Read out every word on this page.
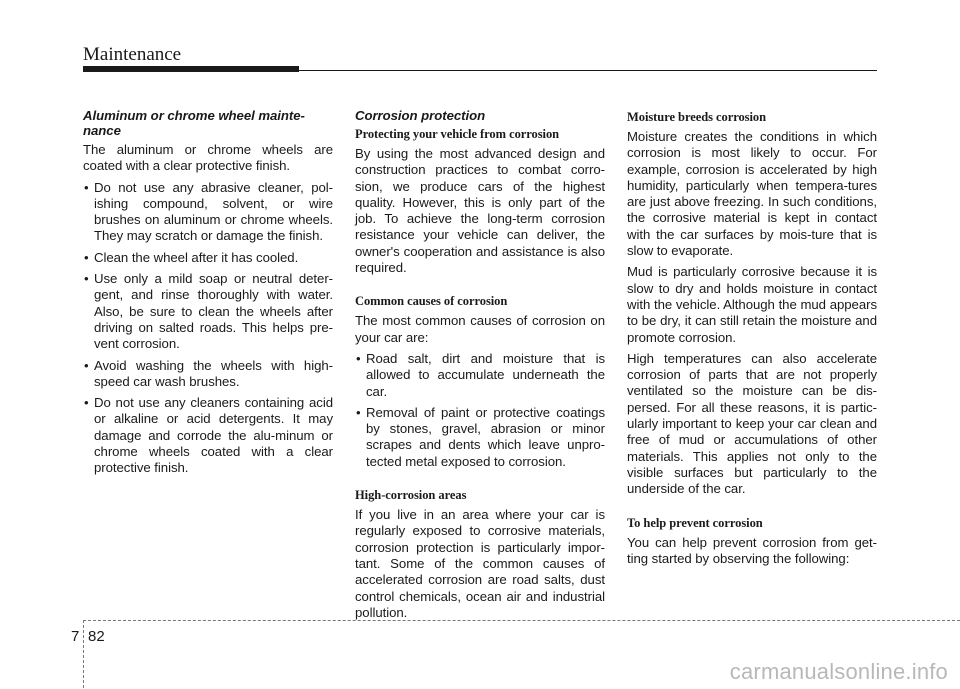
Maintenance
Aluminum or chrome wheel mainte-nance

The aluminum or chrome wheels are coated with a clear protective finish.

• Do not use any abrasive cleaner, pol-ishing compound, solvent, or wire brushes on aluminum or chrome wheels. They may scratch or damage the finish.
• Clean the wheel after it has cooled.
• Use only a mild soap or neutral deter-gent, and rinse thoroughly with water. Also, be sure to clean the wheels after driving on salted roads. This helps pre-vent corrosion.
• Avoid washing the wheels with high-speed car wash brushes.
• Do not use any cleaners containing acid or alkaline or acid detergents. It may damage and corrode the alu-minum or chrome wheels coated with a clear protective finish.
Corrosion protection
Protecting your vehicle from corrosion

By using the most advanced design and construction practices to combat corro-sion, we produce cars of the highest quality. However, this is only part of the job. To achieve the long-term corrosion resistance your vehicle can deliver, the owner's cooperation and assistance is also required.

Common causes of corrosion

The most common causes of corrosion on your car are:

• Road salt, dirt and moisture that is allowed to accumulate underneath the car.
• Removal of paint or protective coatings by stones, gravel, abrasion or minor scrapes and dents which leave unpro-tected metal exposed to corrosion.
High-corrosion areas

If you live in an area where your car is regularly exposed to corrosive materials, corrosion protection is particularly impor-tant. Some of the common causes of accelerated corrosion are road salts, dust control chemicals, ocean air and industrial pollution.

Moisture breeds corrosion

Moisture creates the conditions in which corrosion is most likely to occur. For example, corrosion is accelerated by high humidity, particularly when tempera-tures are just above freezing. In such conditions, the corrosive material is kept in contact with the car surfaces by mois-ture that is slow to evaporate.

Mud is particularly corrosive because it is slow to dry and holds moisture in contact with the vehicle. Although the mud appears to be dry, it can still retain the moisture and promote corrosion.

High temperatures can also accelerate corrosion of parts that are not properly ventilated so the moisture can be dis-persed. For all these reasons, it is partic-ularly important to keep your car clean and free of mud or accumulations of other materials. This applies not only to the visible surfaces but particularly to the underside of the car.

To help prevent corrosion

You can help prevent corrosion from get-ting started by observing the following:

7 82
carmanualsonline.info
